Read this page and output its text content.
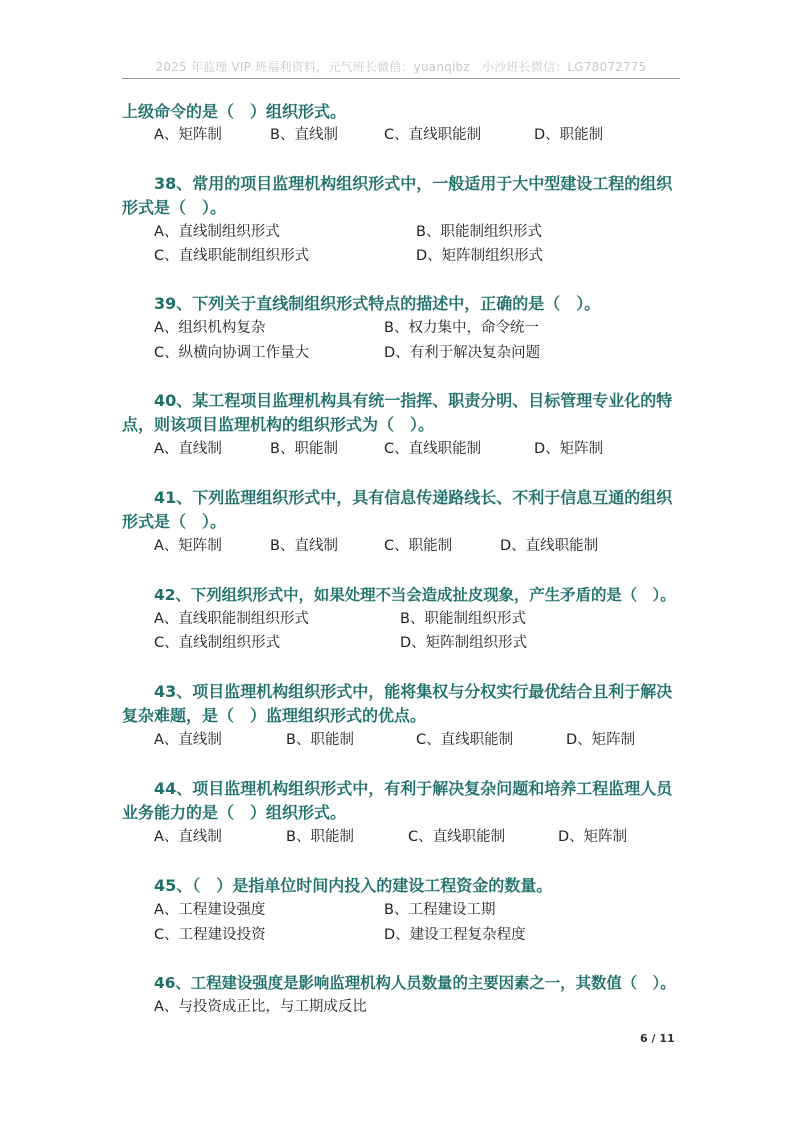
2025 年监理 VIP 班福利资料，元气班长微信：yuanqibz　小沙班长微信：LG78072775

上级命令的是（　）组织形式。

A、矩阵制	B、直线制	C、直线职能制	D、职能制

38、常用的项目监理机构组织形式中，一般适用于大中型建设工程的组织形式是（　）。

A、直线制组织形式	B、职能制组织形式
C、直线职能制组织形式	D、矩阵制组织形式

39、下列关于直线制组织形式特点的描述中，正确的是（　）。

A、组织机构复杂	B、权力集中，命令统一
C、纵横向协调工作量大	D、有利于解决复杂问题

40、某工程项目监理机构具有统一指挥、职责分明、目标管理专业化的特点，则该项目监理机构的组织形式为（　）。

A、直线制	B、职能制	C、直线职能制	D、矩阵制

41、下列监理组织形式中，具有信息传递路线长、不利于信息互通的组织形式是（　）。

A、矩阵制	B、直线制	C、职能制	D、直线职能制

42、下列组织形式中，如果处理不当会造成扯皮现象，产生矛盾的是（　）。

A、直线职能制组织形式	B、职能制组织形式
C、直线制组织形式	D、矩阵制组织形式

43、项目监理机构组织形式中，能将集权与分权实行最优结合且利于解决复杂难题，是（　）监理组织形式的优点。

A、直线制	B、职能制	C、直线职能制	D、矩阵制

44、项目监理机构组织形式中，有利于解决复杂问题和培养工程监理人员业务能力的是（　）组织形式。

A、直线制	B、职能制	C、直线职能制	D、矩阵制

45、（　）是指单位时间内投入的建设工程资金的数量。

A、工程建设强度	B、工程建设工期
C、工程建设投资	D、建设工程复杂程度

46、工程建设强度是影响监理机构人员数量的主要因素之一，其数值（　）。

A、与投资成正比，与工期成反比
6 / 11
